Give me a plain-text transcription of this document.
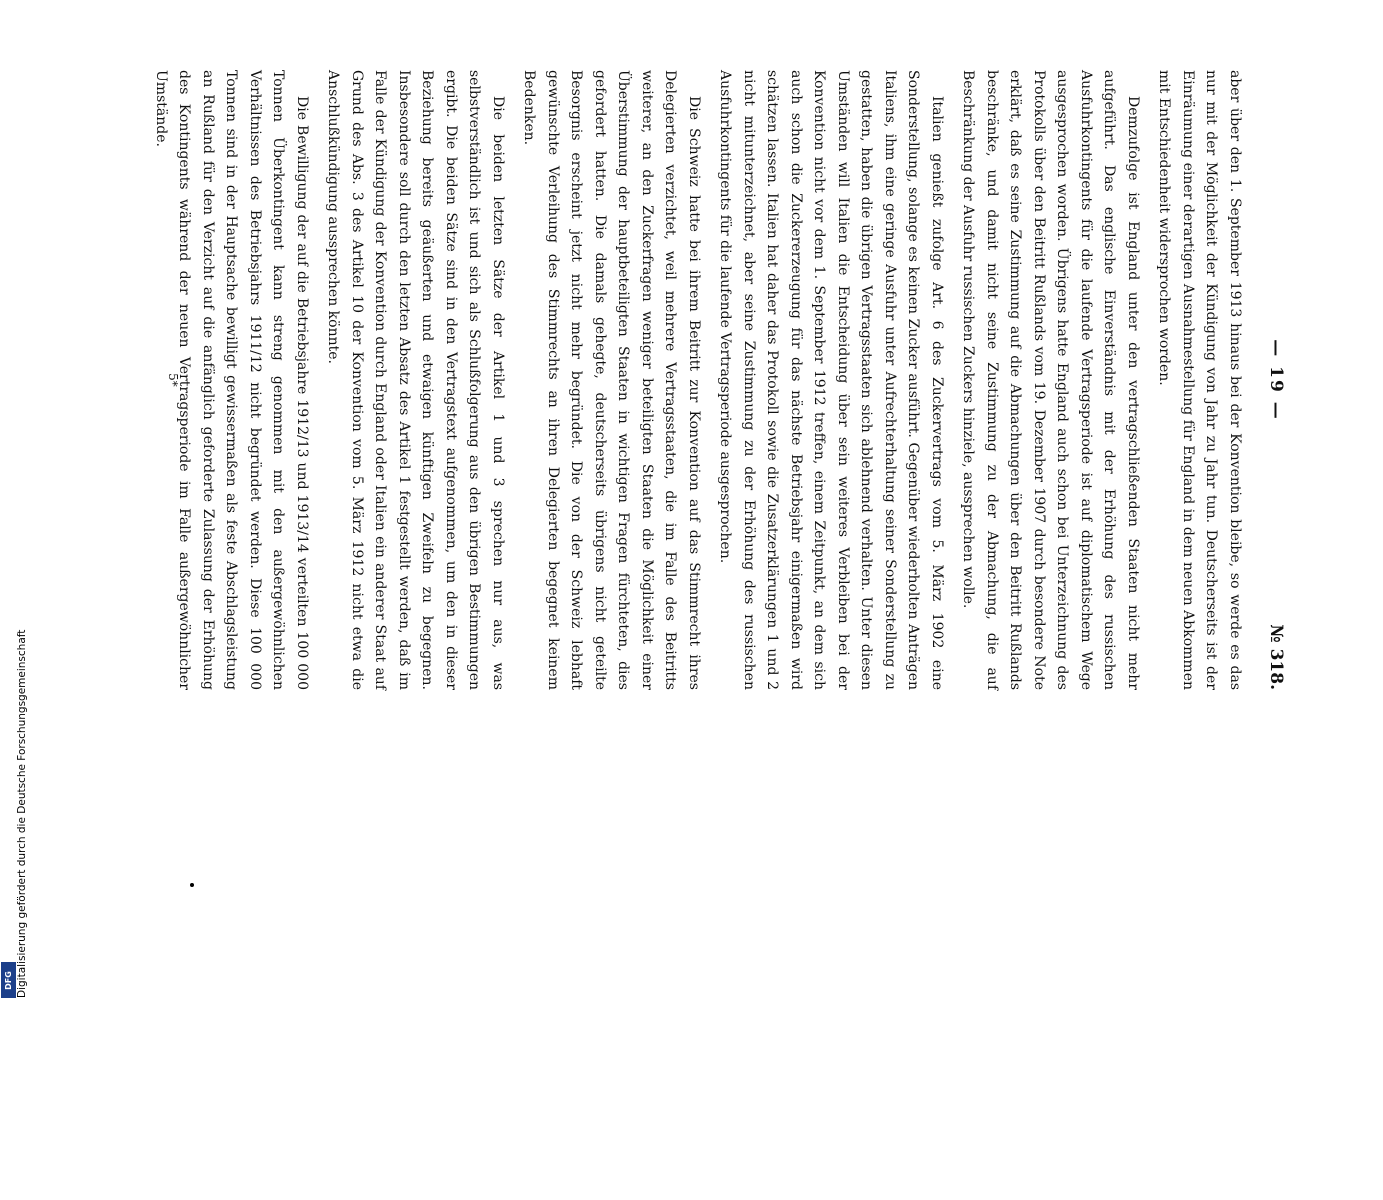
Digitalisierung gefördert durch die Deutsche Forschungsgemeinschaft
DFG
— 19 —
№ 318.

aber über den 1. September 1913 hinaus bei der Konvention bleibe, so werde es das nur mit der Möglichkeit der Kündigung von Jahr zu Jahr tun. Deutscherseits ist der Einräumung einer derartigen Ausnahmestellung für England in dem neuen Abkommen mit Entschiedenheit widersprochen worden.

Demzufolge ist England unter den vertragschließenden Staaten nicht mehr aufgeführt. Das englische Einverständnis mit der Erhöhung des russischen Ausfuhrkontingents für die laufende Vertragsperiode ist auf diplomatischem Wege ausgesprochen worden. Übrigens hatte England auch schon bei Unterzeichnung des Protokolls über den Beitritt Rußlands vom 19. Dezember 1907 durch besondere Note erklärt, daß es seine Zustimmung auf die Abmachungen über den Beitritt Rußlands beschränke, und damit nicht seine Zustimmung zu der Abmachung, die auf Beschränkung der Ausfuhr russischen Zuckers hinziele, aussprechen wolle.

Italien genießt zufolge Art. 6 des Zuckervertrags vom 5. März 1902 eine Sonderstellung, solange es keinen Zucker ausführt. Gegenüber wiederholten Anträgen Italiens, ihm eine geringe Ausfuhr unter Aufrechterhaltung seiner Sonderstellung zu gestatten, haben die übrigen Vertragsstaaten sich ablehnend verhalten. Unter diesen Umständen will Italien die Entscheidung über sein weiteres Verbleiben bei der Konvention nicht vor dem 1. September 1912 treffen, einem Zeitpunkt, an dem sich auch schon die Zuckererzeugung für das nächste Betriebsjahr einigermaßen wird schätzen lassen. Italien hat daher das Protokoll sowie die Zusatzerklärungen 1 und 2 nicht mitunterzeichnet, aber seine Zustimmung zu der Erhöhung des russischen Ausfuhrkontingents für die laufende Vertragsperiode ausgesprochen.

Die Schweiz hatte bei ihrem Beitritt zur Konvention auf das Stimmrecht ihres Delegierten verzichtet, weil mehrere Vertragsstaaten, die im Falle des Beitritts weiterer, an den Zuckerfragen weniger beteiligten Staaten die Möglichkeit einer Überstimmung der hauptbeteiligten Staaten in wichtigen Fragen fürchteten, dies gefordert hatten. Die damals gehegte, deutscherseits übrigens nicht geteilte Besorgnis erscheint jetzt nicht mehr begründet. Die von der Schweiz lebhaft gewünschte Verleihung des Stimmrechts an ihren Delegierten begegnet keinem Bedenken.

Die beiden letzten Sätze der Artikel 1 und 3 sprechen nur aus, was selbstverständlich ist und sich als Schlußfolgerung aus den übrigen Bestimmungen ergibt. Die beiden Sätze sind in den Vertragstext aufgenommen, um den in dieser Beziehung bereits geäußerten und etwaigen künftigen Zweifeln zu begegnen. Insbesondere soll durch den letzten Absatz des Artikel 1 festgestellt werden, daß im Falle der Kündigung der Konvention durch England oder Italien ein anderer Staat auf Grund des Abs. 3 des Artikel 10 der Konvention vom 5. März 1912 nicht etwa die Anschlußkündigung aussprechen könnte.

Die Bewilligung der auf die Betriebsjahre 1912/13 und 1913/14 verteilten 100 000 Tonnen Überkontingent kann streng genommen mit den außergewöhnlichen Verhältnissen des Betriebsjahrs 1911/12 nicht begründet werden. Diese 100 000 Tonnen sind in der Hauptsache bewilligt gewissermaßen als feste Abschlagsleistung an Rußland für den Verzicht auf die anfänglich geforderte Zulassung der Erhöhung des Kontingents während der neuen Vertragsperiode im Falle außergewöhnlicher Umstände.

5*
